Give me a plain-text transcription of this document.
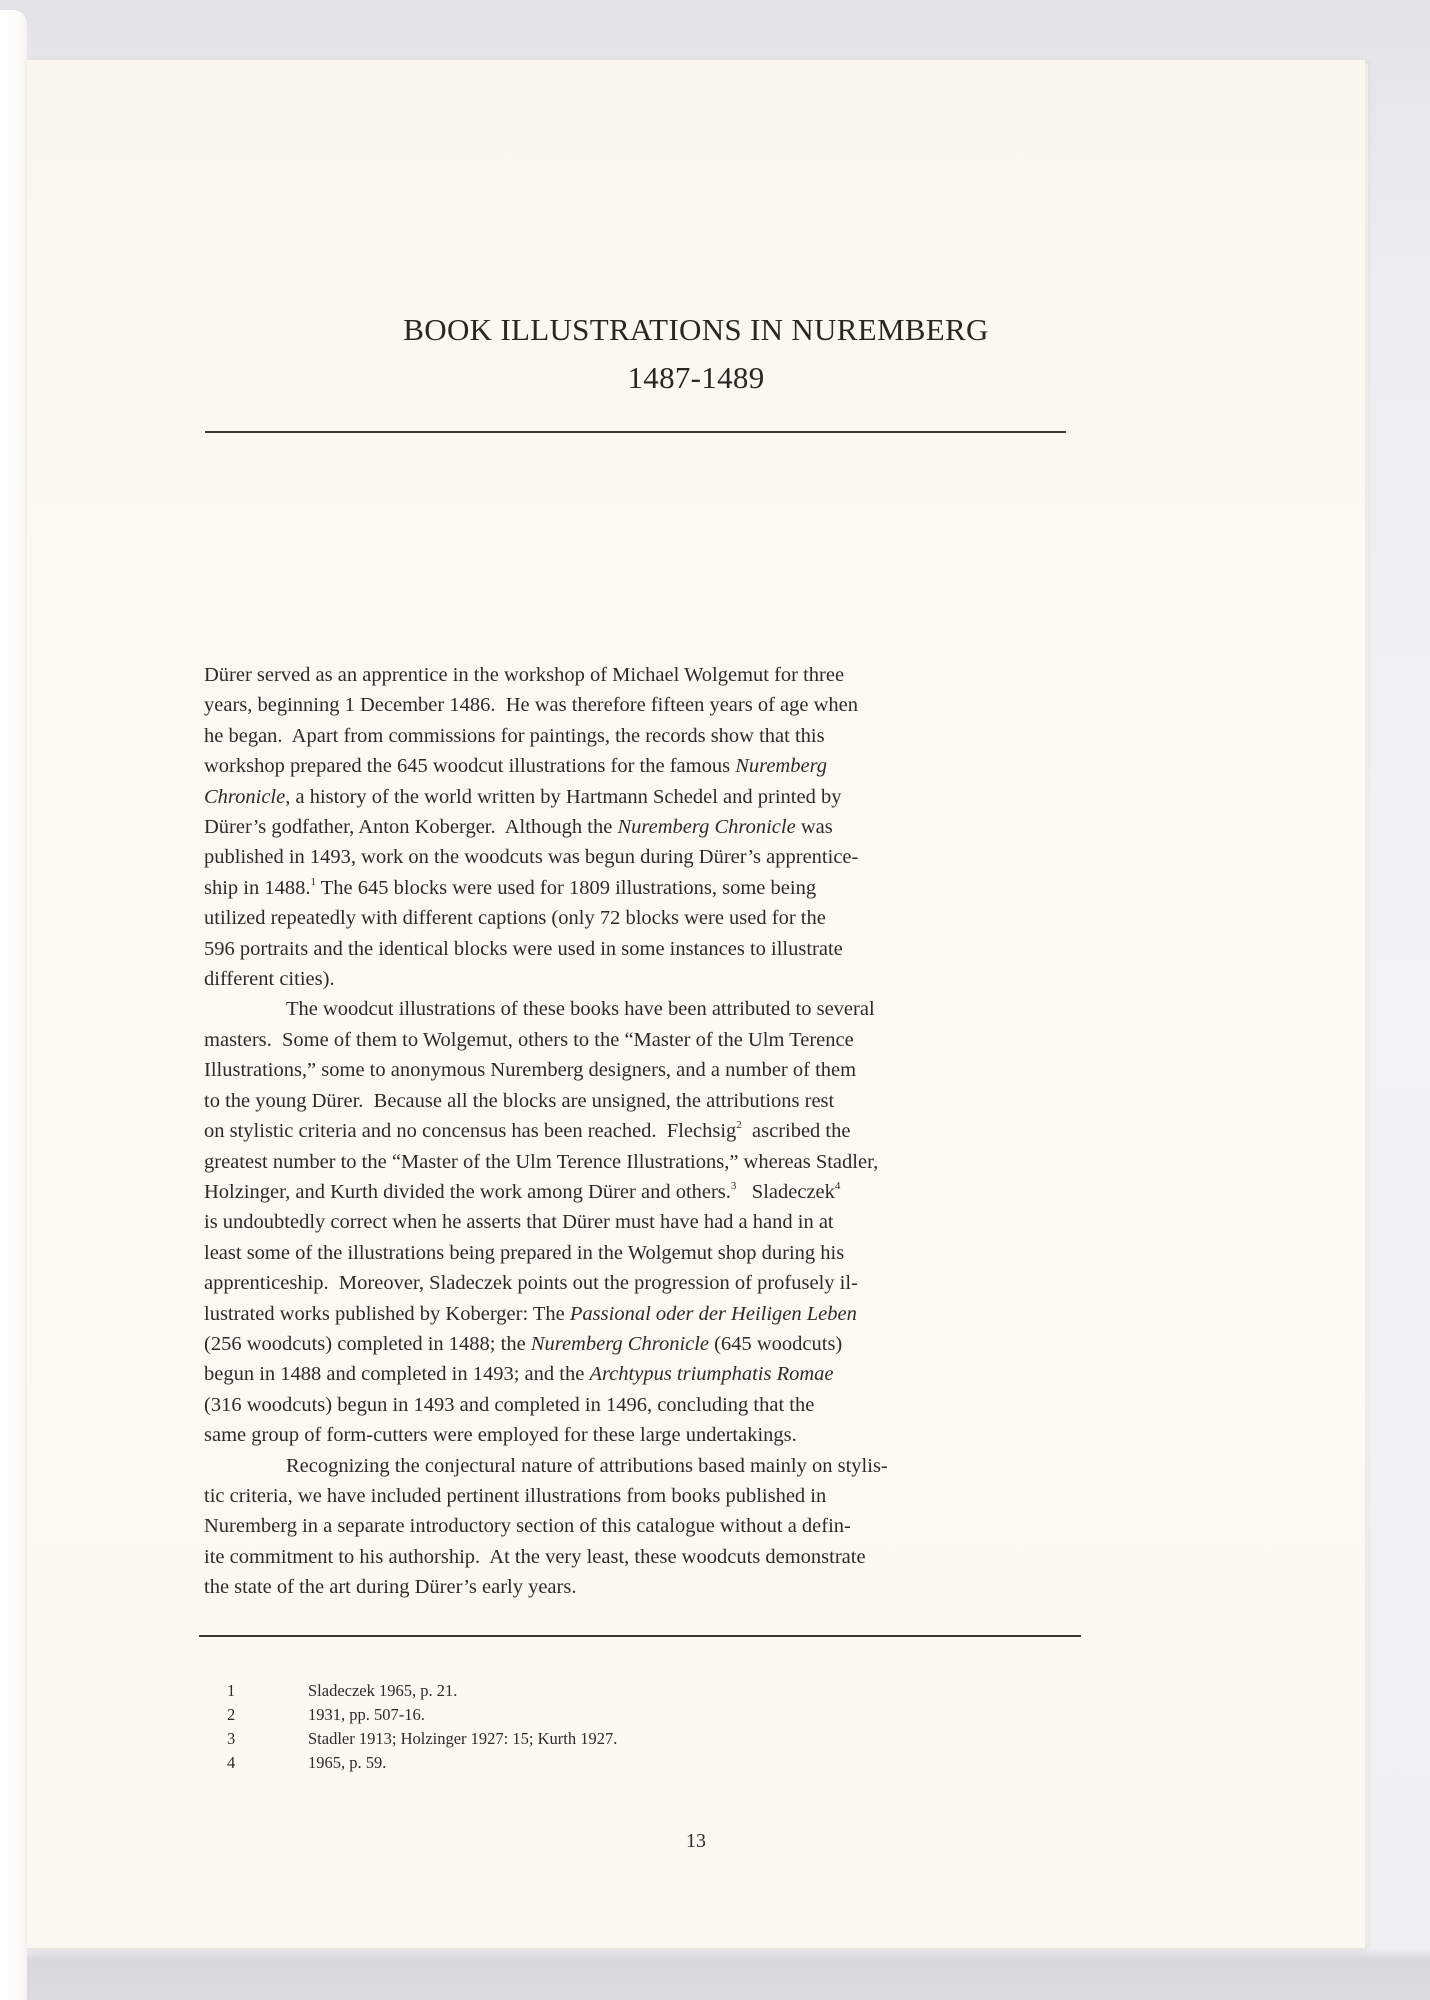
BOOK ILLUSTRATIONS IN NUREMBERG
1487-1489
Dürer served as an apprentice in the workshop of Michael Wolgemut for three
years, beginning 1 December 1486.  He was therefore fifteen years of age when
he began.  Apart from commissions for paintings, the records show that this
workshop prepared the 645 woodcut illustrations for the famous Nuremberg
Chronicle, a history of the world written by Hartmann Schedel and printed by
Dürer’s godfather, Anton Koberger.  Although the Nuremberg Chronicle was
published in 1493, work on the woodcuts was begun during Dürer’s apprentice-
ship in 1488.$^1$ The 645 blocks were used for 1809 illustrations, some being
utilized repeatedly with different captions (only 72 blocks were used for the
596 portraits and the identical blocks were used in some instances to illustrate
different cities).
The woodcut illustrations of these books have been attributed to several
masters.  Some of them to Wolgemut, others to the “Master of the Ulm Terence
Illustrations,” some to anonymous Nuremberg designers, and a number of them
to the young Dürer.  Because all the blocks are unsigned, the attributions rest
on stylistic criteria and no concensus has been reached.  Flechsig$^2$  ascribed the
greatest number to the “Master of the Ulm Terence Illustrations,” whereas Stadler,
Holzinger, and Kurth divided the work among Dürer and others.$^3$   Sladeczek$^4$
is undoubtedly correct when he asserts that Dürer must have had a hand in at
least some of the illustrations being prepared in the Wolgemut shop during his
apprenticeship.  Moreover, Sladeczek points out the progression of profusely il-
lustrated works published by Koberger: The Passional oder der Heiligen Leben
(256 woodcuts) completed in 1488; the Nuremberg Chronicle (645 woodcuts)
begun in 1488 and completed in 1493; and the Archtypus triumphatis Romae
(316 woodcuts) begun in 1493 and completed in 1496, concluding that the
same group of form-cutters were employed for these large undertakings.
Recognizing the conjectural nature of attributions based mainly on stylis-
tic criteria, we have included pertinent illustrations from books published in
Nuremberg in a separate introductory section of this catalogue without a defin-
ite commitment to his authorship.  At the very least, these woodcuts demonstrate
the state of the art during Dürer’s early years.
1	Sladeczek 1965, p. 21.
2	1931, pp. 507-16.
3	Stadler 1913; Holzinger 1927: 15; Kurth 1927.
4	1965, p. 59.
13
